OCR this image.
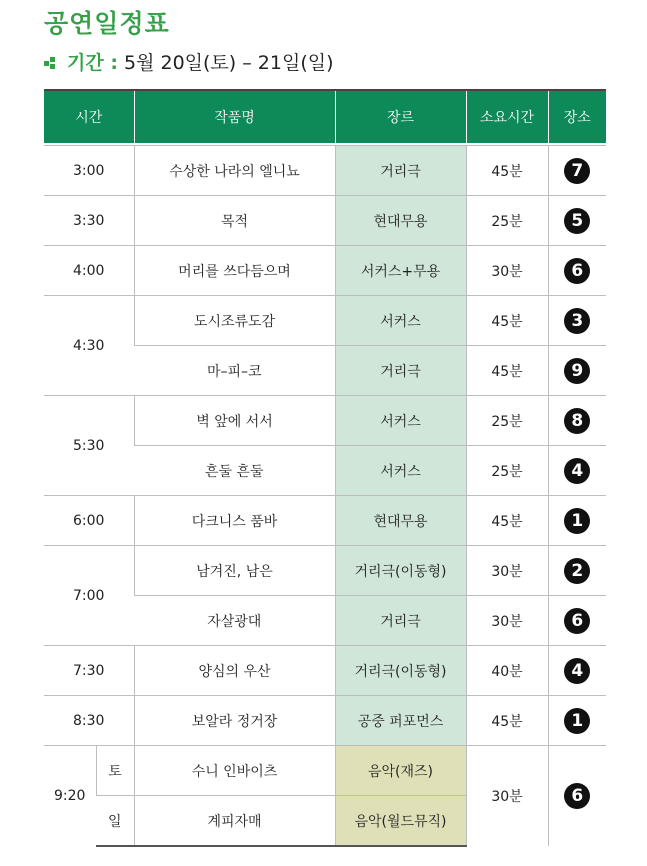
공연일정표
기간 : 5월 20일(토) – 21일(일)
시간		작품명	장르	소요시간	장소

3:00		수상한 나라의 엘니뇨	거리극	45분	7
3:30		목적	현대무용	25분	5
4:00		머리를 쓰다듬으며	서커스+무용	30분	6
4:30		도시조류도감	서커스	45분	3
		마–피–코	거리극	45분	9
5:30		벽 앞에 서서	서커스	25분	8
		흔둘 흔둘	서커스	25분	4
6:00		다크니스 품바	현대무용	45분	1
7:00		남겨진, 남은	거리극(이동형)	30분	2
		자살광대	거리극	30분	6
7:30		양심의 우산	거리극(이동형)	40분	4
8:30		보알라 정거장	공중 퍼포먼스	45분	1
9:20	토	수니 인바이츠	음악(재즈)	30분	6
	일	계피자매	음악(월드뮤직)		
